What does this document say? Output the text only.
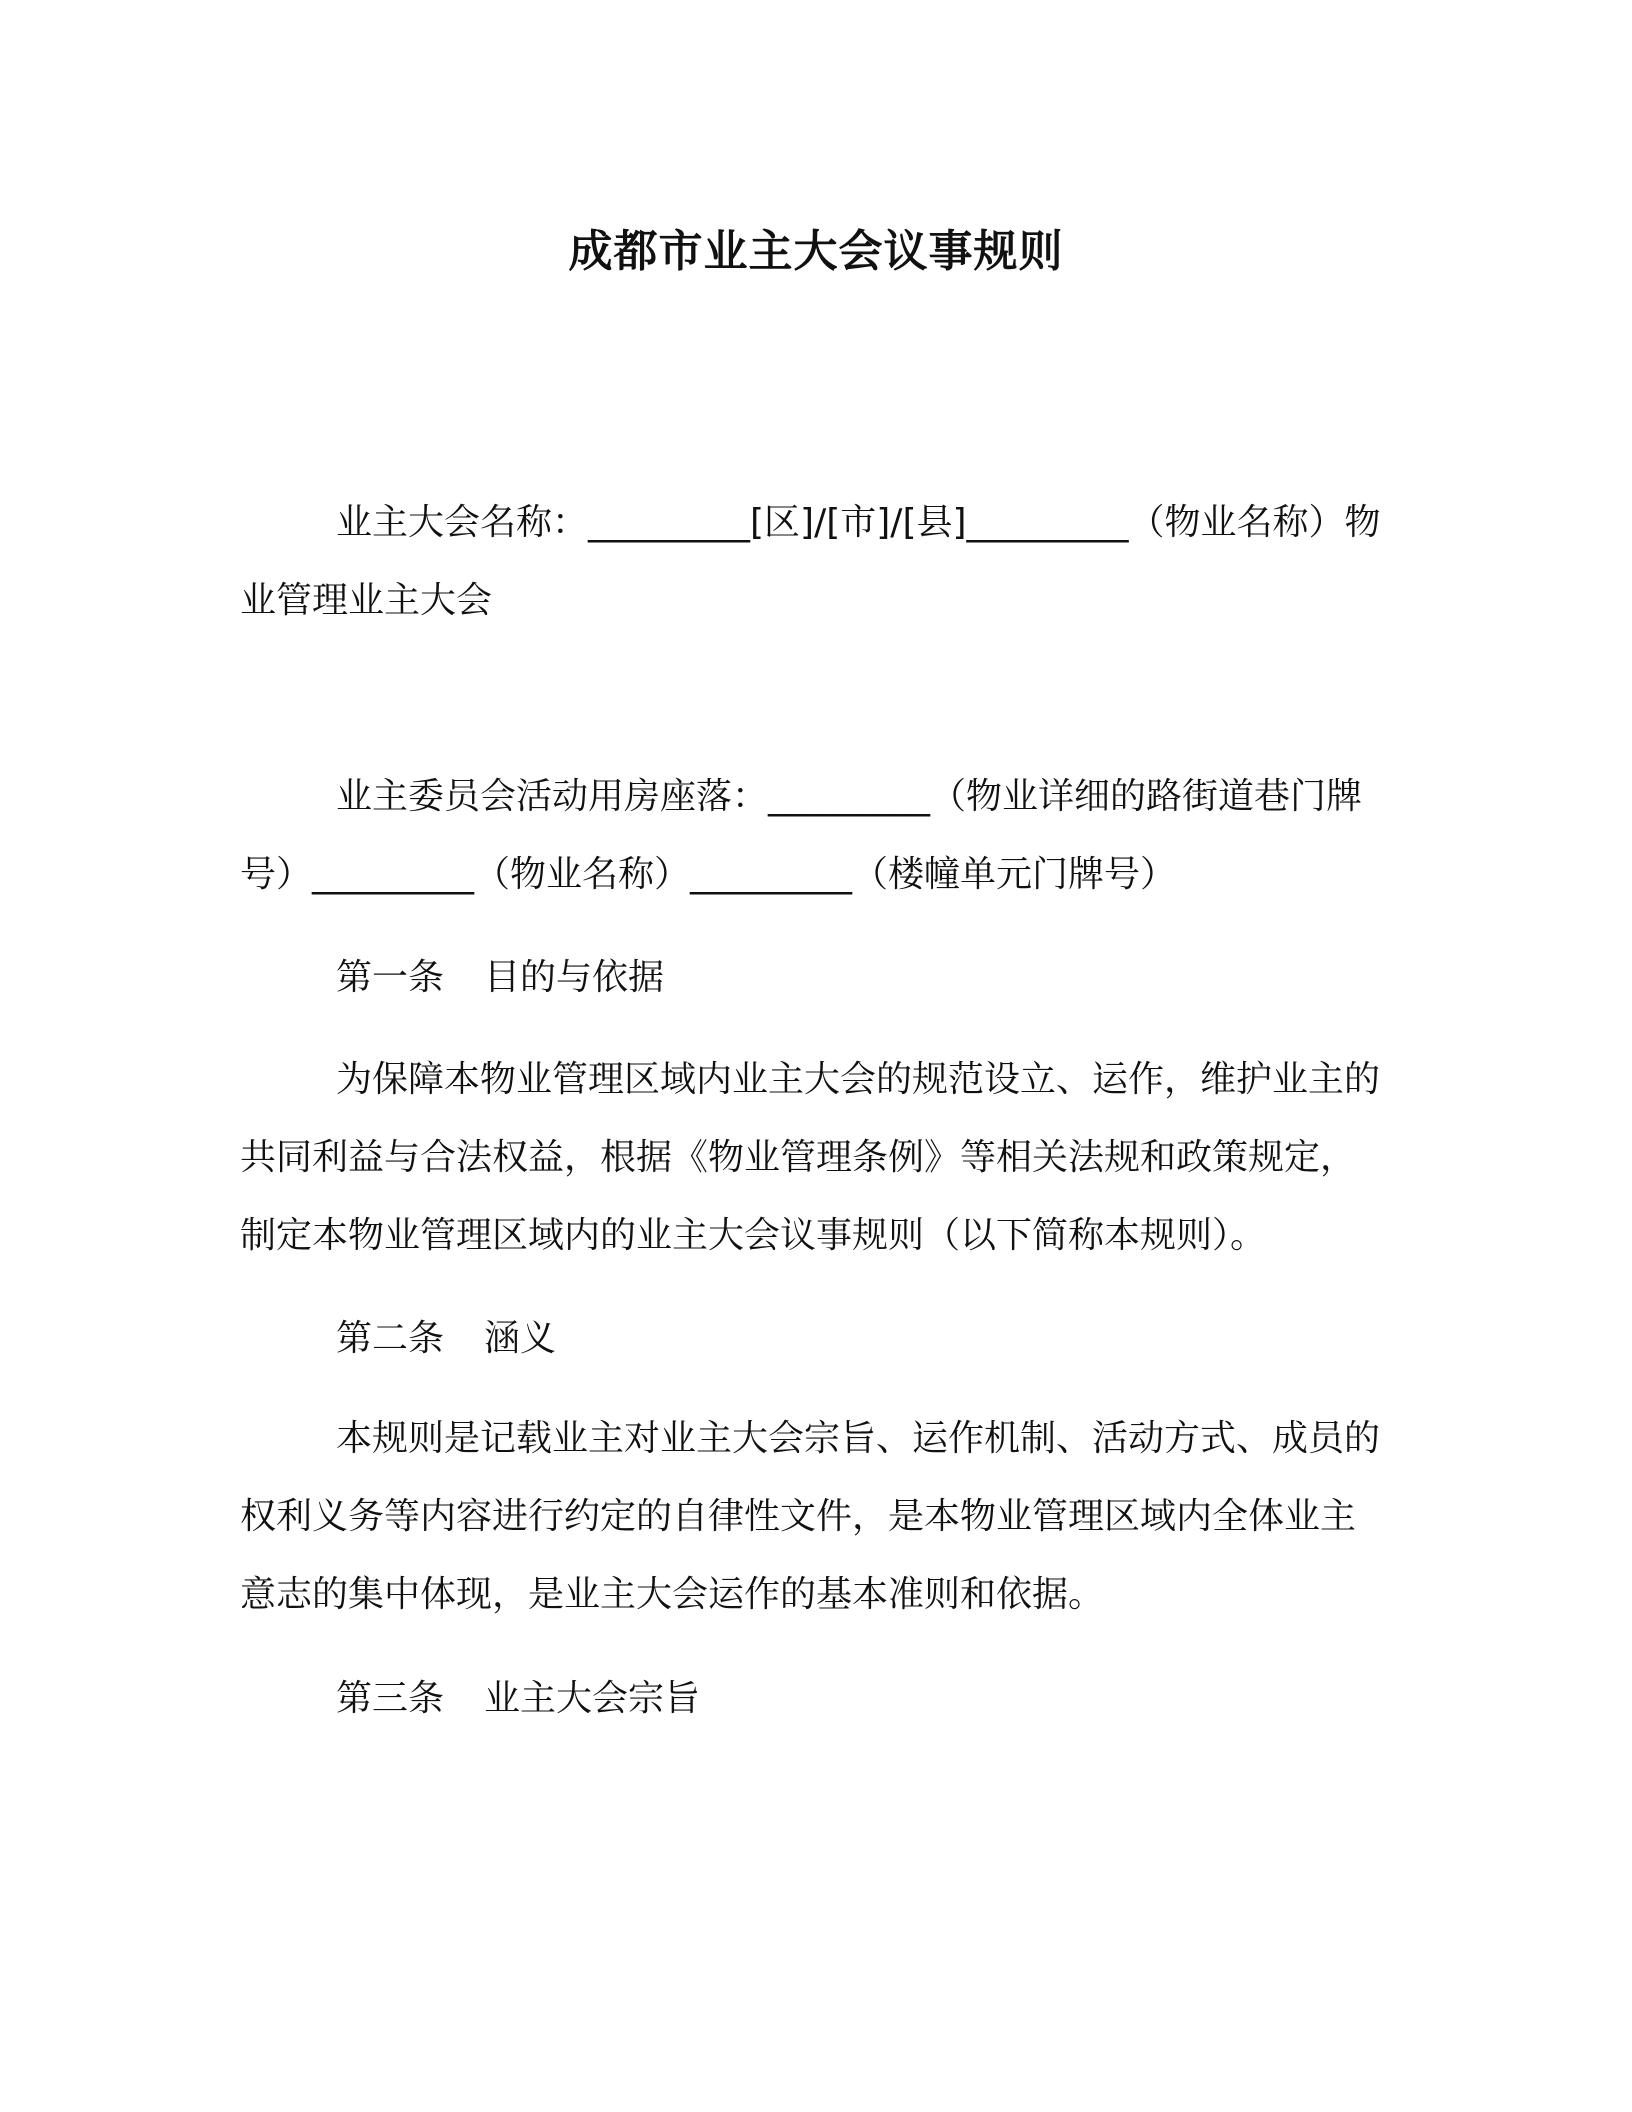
成都市业主大会议事规则

业主大会名称：_________[区]/[市]/[县]_________（物业名称）物业管理业主大会

业主委员会活动用房座落：_________（物业详细的路街道巷门牌号）_________（物业名称）_________（楼幢单元门牌号）

第一条 目的与依据

为保障本物业管理区域内业主大会的规范设立、运作，维护业主的共同利益与合法权益，根据《物业管理条例》等相关法规和政策规定，制定本物业管理区域内的业主大会议事规则（以下简称本规则）。

第二条 涵义

本规则是记载业主对业主大会宗旨、运作机制、活动方式、成员的权利义务等内容进行约定的自律性文件，是本物业管理区域内全体业主意志的集中体现，是业主大会运作的基本准则和依据。

第三条 业主大会宗旨
